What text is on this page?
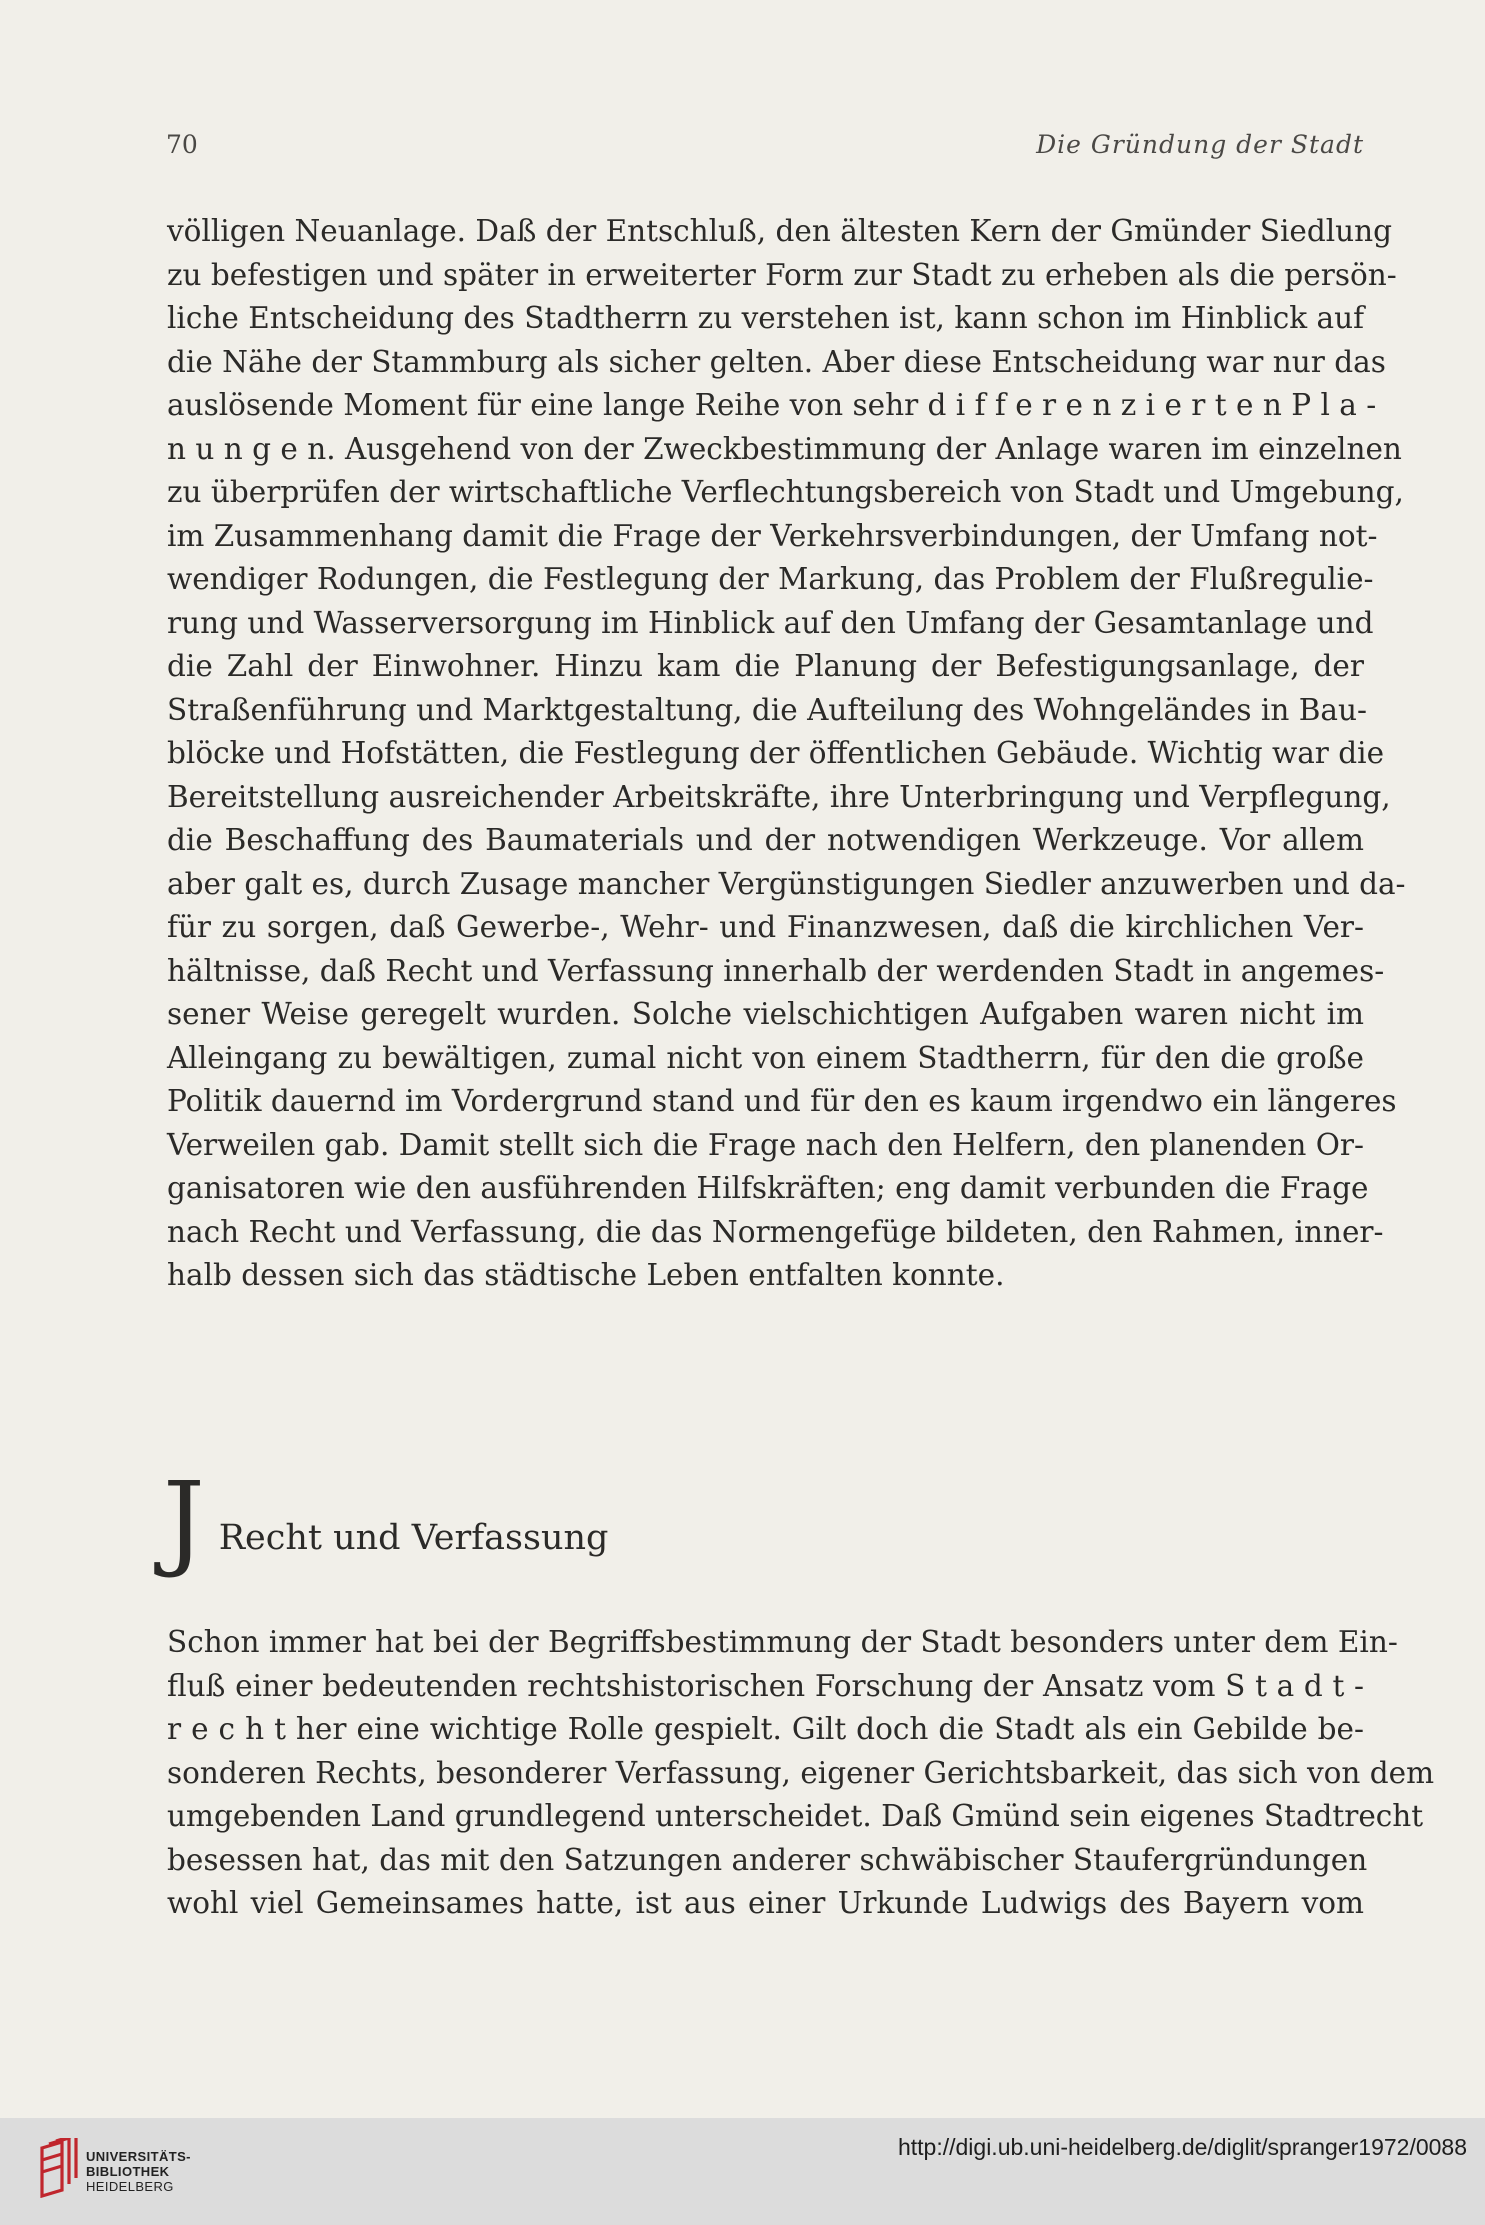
70	Die Gründung der Stadt
völligen Neuanlage. Daß der Entschluß, den ältesten Kern der Gmünder Siedlung
zu befestigen und später in erweiterter Form zur Stadt zu erheben als die persön-
liche Entscheidung des Stadtherrn zu verstehen ist, kann schon im Hinblick auf
die Nähe der Stammburg als sicher gelten. Aber diese Entscheidung war nur das
auslösende Moment für eine lange Reihe von sehr d i f f e r e n z i e r t e n P l a -
n u n g e n. Ausgehend von der Zweckbestimmung der Anlage waren im einzelnen
zu überprüfen der wirtschaftliche Verflechtungsbereich von Stadt und Umgebung,
im Zusammenhang damit die Frage der Verkehrsverbindungen, der Umfang not-
wendiger Rodungen, die Festlegung der Markung, das Problem der Flußregulie-
rung und Wasserversorgung im Hinblick auf den Umfang der Gesamtanlage und
die Zahl der Einwohner. Hinzu kam die Planung der Befestigungsanlage, der
Straßenführung und Marktgestaltung, die Aufteilung des Wohngeländes in Bau-
blöcke und Hofstätten, die Festlegung der öffentlichen Gebäude. Wichtig war die
Bereitstellung ausreichender Arbeitskräfte, ihre Unterbringung und Verpflegung,
die Beschaffung des Baumaterials und der notwendigen Werkzeuge. Vor allem
aber galt es, durch Zusage mancher Vergünstigungen Siedler anzuwerben und da-
für zu sorgen, daß Gewerbe-, Wehr- und Finanzwesen, daß die kirchlichen Ver-
hältnisse, daß Recht und Verfassung innerhalb der werdenden Stadt in angemes-
sener Weise geregelt wurden. Solche vielschichtigen Aufgaben waren nicht im
Alleingang zu bewältigen, zumal nicht von einem Stadtherrn, für den die große
Politik dauernd im Vordergrund stand und für den es kaum irgendwo ein längeres
Verweilen gab. Damit stellt sich die Frage nach den Helfern, den planenden Or-
ganisatoren wie den ausführenden Hilfskräften; eng damit verbunden die Frage
nach Recht und Verfassung, die das Normengefüge bildeten, den Rahmen, inner-
halb dessen sich das städtische Leben entfalten konnte.
J Recht und Verfassung
Schon immer hat bei der Begriffsbestimmung der Stadt besonders unter dem Ein-
fluß einer bedeutenden rechtshistorischen Forschung der Ansatz vom S t a d t -
r e c h t her eine wichtige Rolle gespielt. Gilt doch die Stadt als ein Gebilde be-
sonderen Rechts, besonderer Verfassung, eigener Gerichtsbarkeit, das sich von dem
umgebenden Land grundlegend unterscheidet. Daß Gmünd sein eigenes Stadtrecht
besessen hat, das mit den Satzungen anderer schwäbischer Staufergründungen
wohl viel Gemeinsames hatte, ist aus einer Urkunde Ludwigs des Bayern vom
UNIVERSITÄTS-
BIBLIOTHEK
HEIDELBERG
http://digi.ub.uni-heidelberg.de/diglit/spranger1972/0088
